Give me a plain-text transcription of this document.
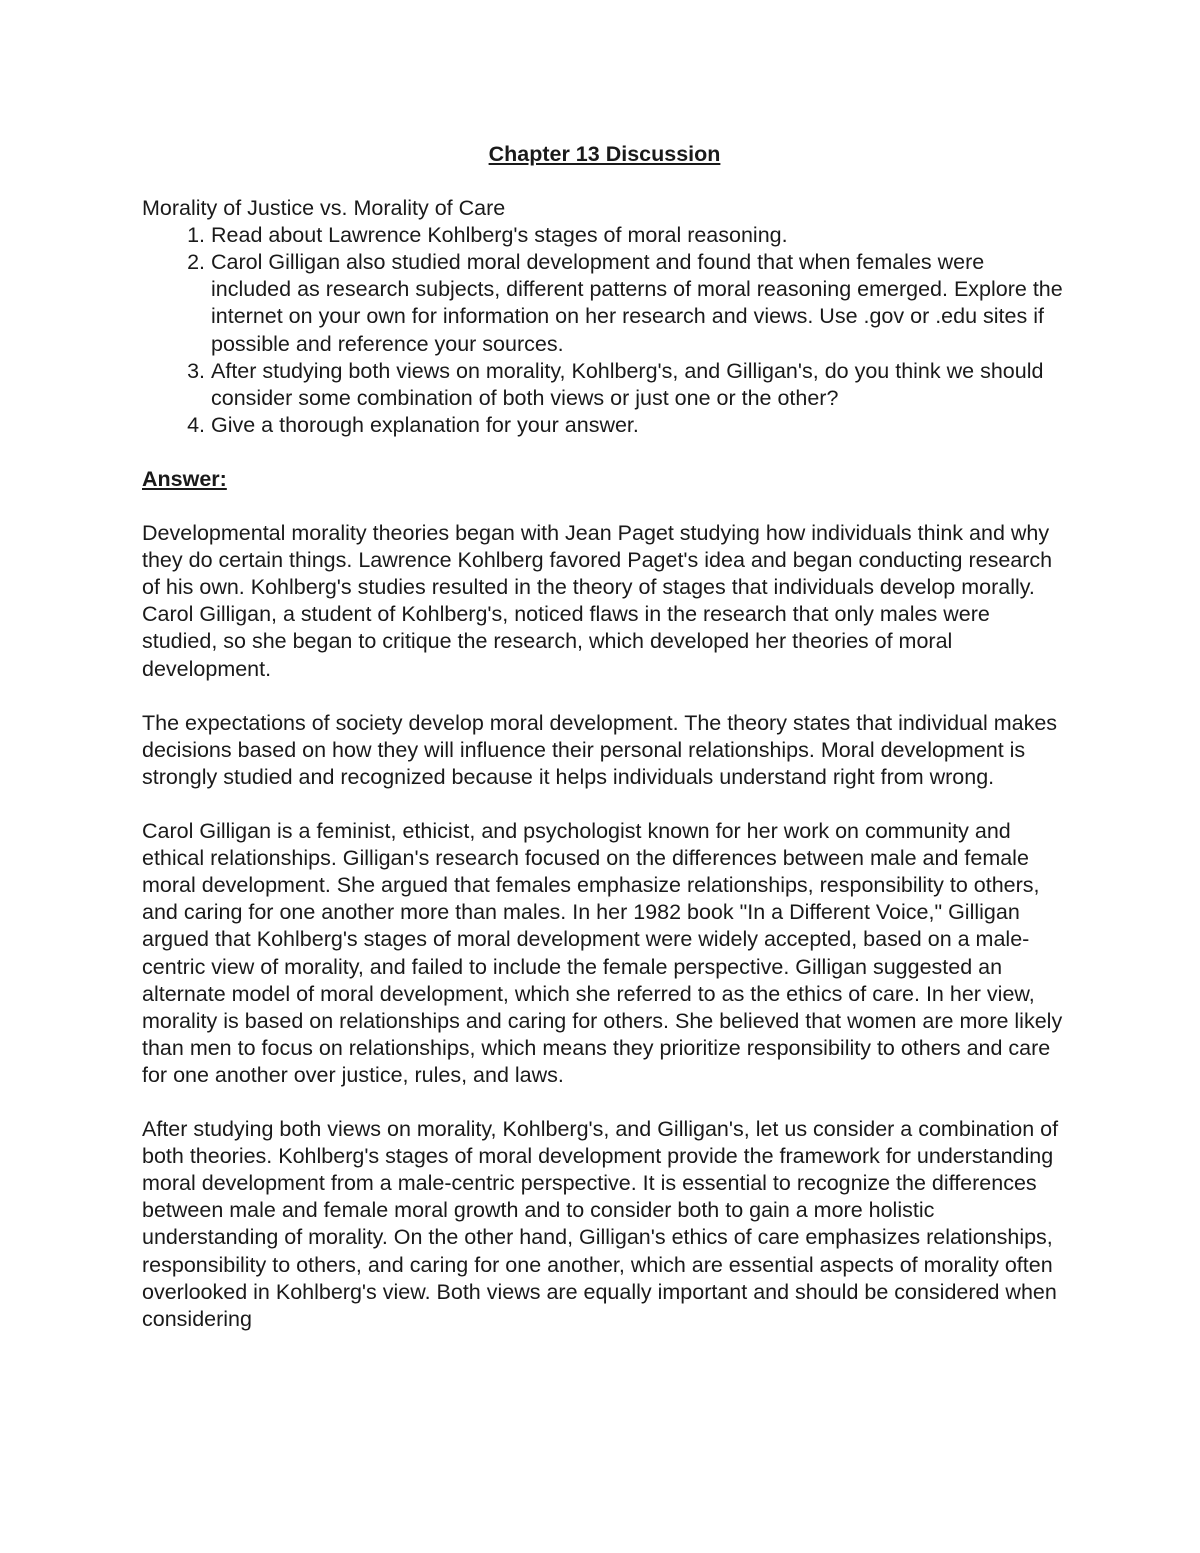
Chapter 13 Discussion
Morality of Justice vs. Morality of Care
1. Read about Lawrence Kohlberg's stages of moral reasoning.
2. Carol Gilligan also studied moral development and found that when females were included as research subjects, different patterns of moral reasoning emerged. Explore the internet on your own for information on her research and views. Use .gov or .edu sites if possible and reference your sources.
3. After studying both views on morality, Kohlberg's, and Gilligan's, do you think we should consider some combination of both views or just one or the other?
4. Give a thorough explanation for your answer.
Answer:

Developmental morality theories began with Jean Paget studying how individuals think and why they do certain things. Lawrence Kohlberg favored Paget's idea and began conducting research of his own. Kohlberg's studies resulted in the theory of stages that individuals develop morally. Carol Gilligan, a student of Kohlberg's, noticed flaws in the research that only males were studied, so she began to critique the research, which developed her theories of moral development.

The expectations of society develop moral development. The theory states that individual makes decisions based on how they will influence their personal relationships. Moral development is strongly studied and recognized because it helps individuals understand right from wrong.

Carol Gilligan is a feminist, ethicist, and psychologist known for her work on community and ethical relationships. Gilligan's research focused on the differences between male and female moral development. She argued that females emphasize relationships, responsibility to others, and caring for one another more than males. In her 1982 book "In a Different Voice," Gilligan argued that Kohlberg's stages of moral development were widely accepted, based on a male-centric view of morality, and failed to include the female perspective. Gilligan suggested an alternate model of moral development, which she referred to as the ethics of care. In her view, morality is based on relationships and caring for others. She believed that women are more likely than men to focus on relationships, which means they prioritize responsibility to others and care for one another over justice, rules, and laws.

After studying both views on morality, Kohlberg's, and Gilligan's, let us consider a combination of both theories. Kohlberg's stages of moral development provide the framework for understanding moral development from a male-centric perspective. It is essential to recognize the differences between male and female moral growth and to consider both to gain a more holistic understanding of morality. On the other hand, Gilligan's ethics of care emphasizes relationships, responsibility to others, and caring for one another, which are essential aspects of morality often overlooked in Kohlberg's view. Both views are equally important and should be considered when considering
